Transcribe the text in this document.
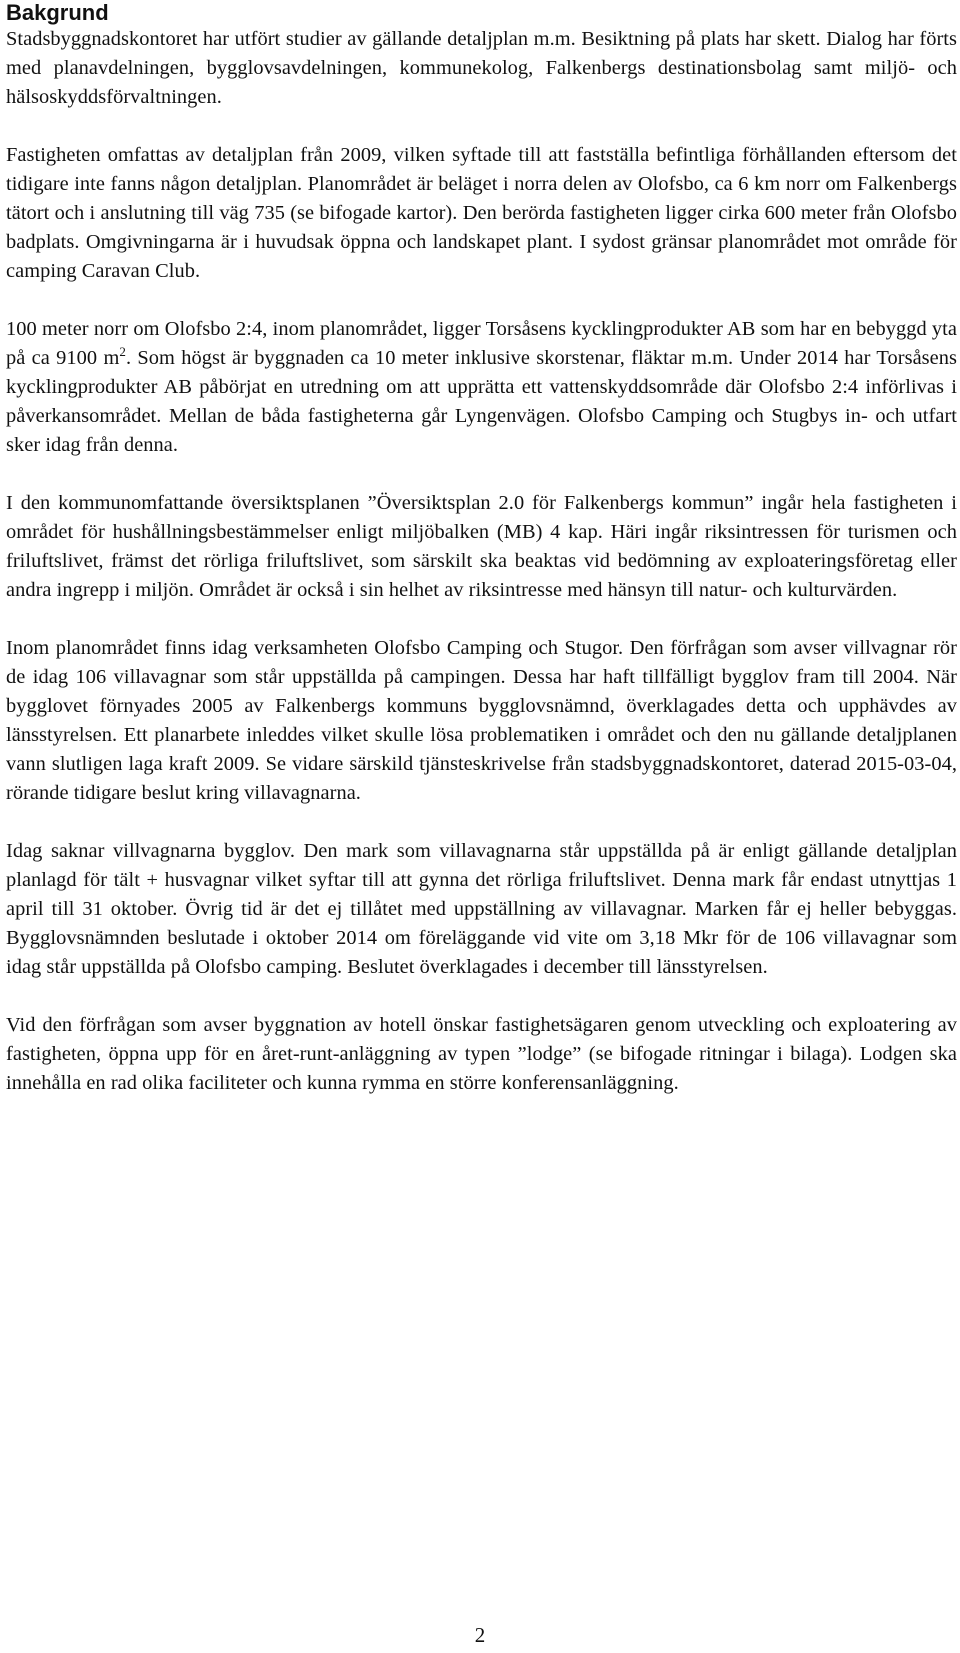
Bakgrund

Stadsbyggnadskontoret har utfört studier av gällande detaljplan m.m. Besiktning på plats har skett. Dialog har förts med planavdelningen, bygglovsavdelningen, kommunekolog, Falkenbergs destinationsbolag samt miljö- och hälsoskyddsförvaltningen.

Fastigheten omfattas av detaljplan från 2009, vilken syftade till att fastställa befintliga förhållanden eftersom det tidigare inte fanns någon detaljplan. Planområdet är beläget i norra delen av Olofsbo, ca 6 km norr om Falkenbergs tätort och i anslutning till väg 735 (se bifogade kartor). Den berörda fastigheten ligger cirka 600 meter från Olofsbo badplats. Omgivningarna är i huvudsak öppna och landskapet plant. I sydost gränsar planområdet mot område för camping Caravan Club.

100 meter norr om Olofsbo 2:4, inom planområdet, ligger Torsåsens kycklingprodukter AB som har en bebyggd yta på ca 9100 $m^2$. Som högst är byggnaden ca 10 meter inklusive skorstenar, fläktar m.m. Under 2014 har Torsåsens kycklingprodukter AB påbörjat en utredning om att upprätta ett vattenskyddsområde där Olofsbo 2:4 införlivas i påverkansområdet. Mellan de båda fastigheterna går Lyngenvägen. Olofsbo Camping och Stugbys in- och utfart sker idag från denna.

I den kommunomfattande översiktsplanen ”Översiktsplan 2.0 för Falkenbergs kommun” ingår hela fastigheten i området för hushållningsbestämmelser enligt miljöbalken (MB) 4 kap. Häri ingår riksintressen för turismen och friluftslivet, främst det rörliga friluftslivet, som särskilt ska beaktas vid bedömning av exploateringsföretag eller andra ingrepp i miljön. Området är också i sin helhet av riksintresse med hänsyn till natur- och kulturvärden.

Inom planområdet finns idag verksamheten Olofsbo Camping och Stugor. Den förfrågan som avser villvagnar rör de idag 106 villavagnar som står uppställda på campingen. Dessa har haft tillfälligt bygglov fram till 2004. När bygglovet förnyades 2005 av Falkenbergs kommuns bygglovsnämnd, överklagades detta och upphävdes av länsstyrelsen. Ett planarbete inleddes vilket skulle lösa problematiken i området och den nu gällande detaljplanen vann slutligen laga kraft 2009. Se vidare särskild tjänsteskrivelse från stadsbyggnadskontoret, daterad 2015-03-04, rörande tidigare beslut kring villavagnarna.

Idag saknar villvagnarna bygglov. Den mark som villavagnarna står uppställda på är enligt gällande detaljplan planlagd för tält + husvagnar vilket syftar till att gynna det rörliga friluftslivet. Denna mark får endast utnyttjas 1 april till 31 oktober. Övrig tid är det ej tillåtet med uppställning av villavagnar. Marken får ej heller bebyggas. Bygglovsnämnden beslutade i oktober 2014 om föreläggande vid vite om 3,18 Mkr för de 106 villavagnar som idag står uppställda på Olofsbo camping. Beslutet överklagades i december till länsstyrelsen.

Vid den förfrågan som avser byggnation av hotell önskar fastighetsägaren genom utveckling och exploatering av fastigheten, öppna upp för en året-runt-anläggning av typen ”lodge” (se bifogade ritningar i bilaga). Lodgen ska innehålla en rad olika faciliteter och kunna rymma en större konferensanläggning.

2
